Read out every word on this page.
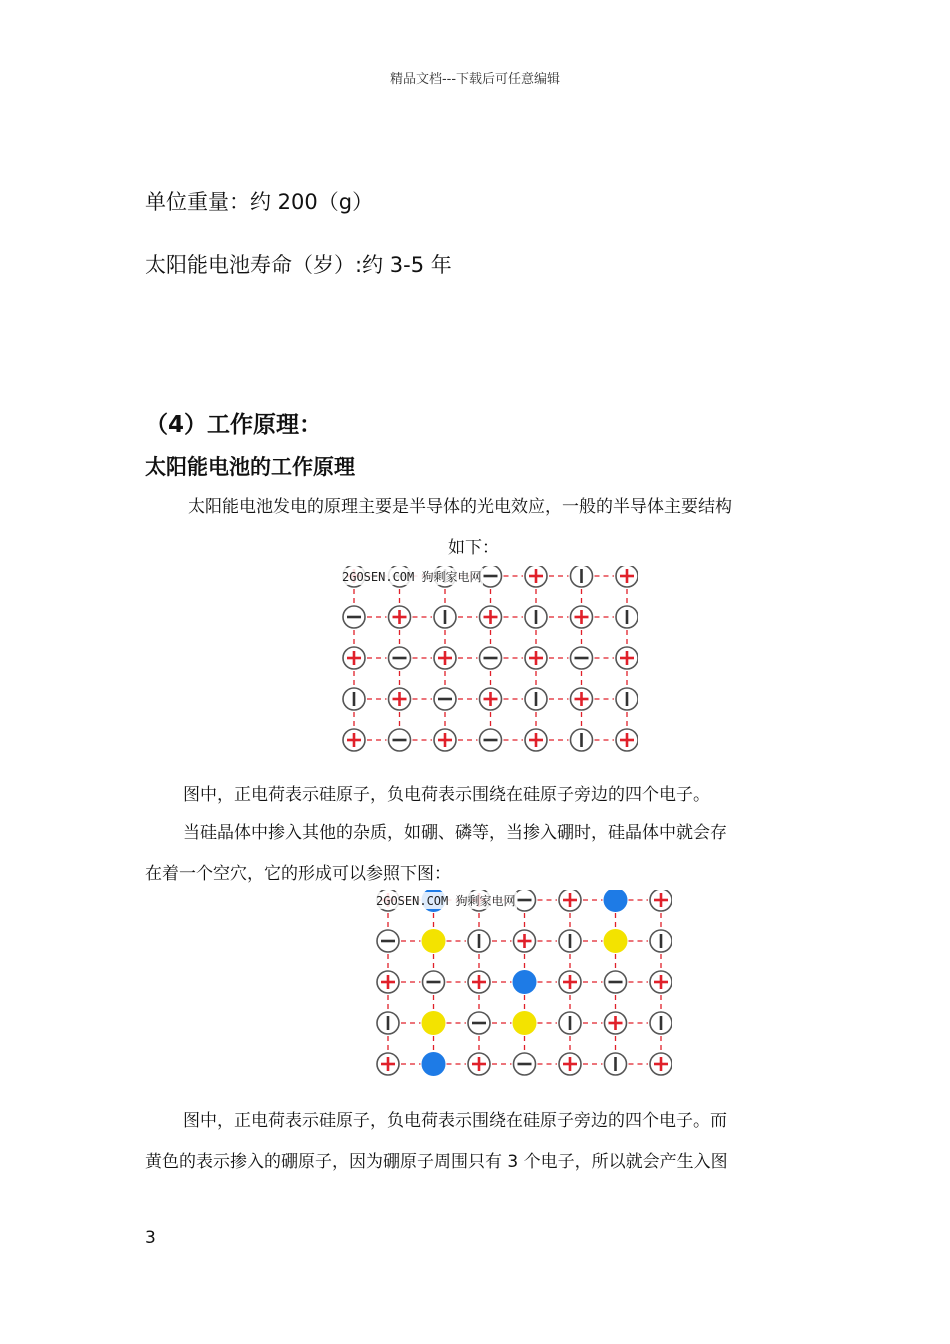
精品文档---下载后可任意编辑
单位重量：约 200（g）
太阳能电池寿命（岁）:约 3-5 年
（4）工作原理：
太阳能电池的工作原理
太阳能电池发电的原理主要是半导体的光电效应，一般的半导体主要结构
如下：
2GOSEN.COM 狗剩家电网
图中，正电荷表示硅原子，负电荷表示围绕在硅原子旁边的四个电子。
当硅晶体中掺入其他的杂质，如硼、磷等，当掺入硼时，硅晶体中就会存
在着一个空穴，它的形成可以参照下图：
2GOSEN.COM 狗剩家电网
图中，正电荷表示硅原子，负电荷表示围绕在硅原子旁边的四个电子。而
黄色的表示掺入的硼原子，因为硼原子周围只有 3 个电子，所以就会产生入图
3
